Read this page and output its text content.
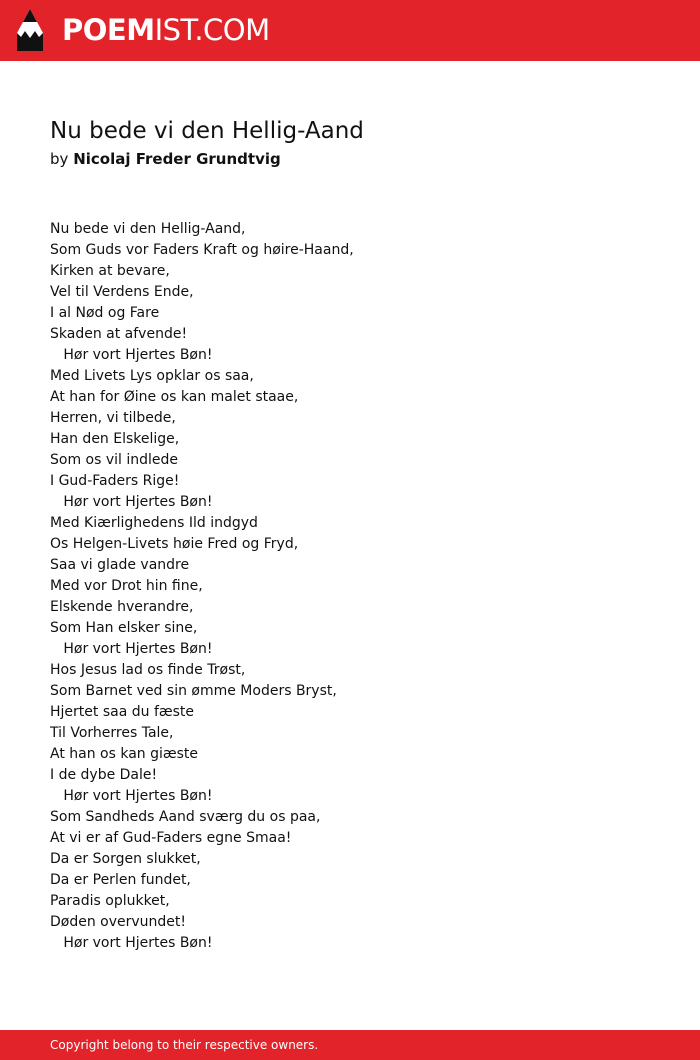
POEMIST.COM
Nu bede vi den Hellig-Aand
by Nicolaj Freder Grundtvig
Nu bede vi den Hellig-Aand,
Som Guds vor Faders Kraft og høire-Haand,
Kirken at bevare,
Vel til Verdens Ende,
I al Nød og Fare
Skaden at afvende!
Hør vort Hjertes Bøn!
Med Livets Lys opklar os saa,
At han for Øine os kan malet staae,
Herren, vi tilbede,
Han den Elskelige,
Som os vil indlede
I Gud-Faders Rige!
Hør vort Hjertes Bøn!
Med Kiærlighedens Ild indgyd
Os Helgen-Livets høie Fred og Fryd,
Saa vi glade vandre
Med vor Drot hin fine,
Elskende hverandre,
Som Han elsker sine,
Hør vort Hjertes Bøn!
Hos Jesus lad os finde Trøst,
Som Barnet ved sin ømme Moders Bryst,
Hjertet saa du fæste
Til Vorherres Tale,
At han os kan giæste
I de dybe Dale!
Hør vort Hjertes Bøn!
Som Sandheds Aand sværg du os paa,
At vi er af Gud-Faders egne Smaa!
Da er Sorgen slukket,
Da er Perlen fundet,
Paradis oplukket,
Døden overvundet!
Hør vort Hjertes Bøn!
Copyright belong to their respective owners.
